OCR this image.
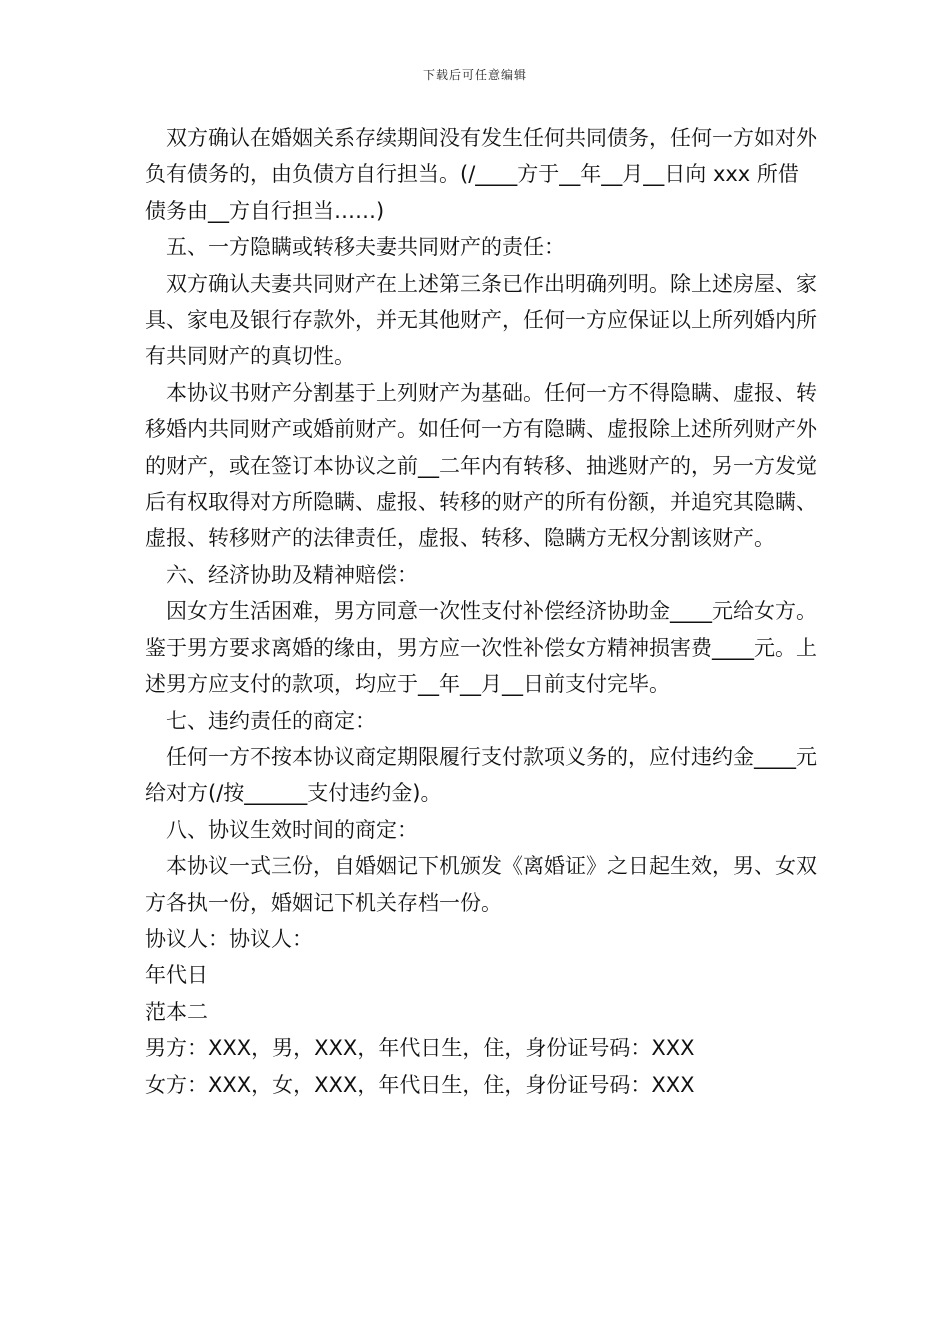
下载后可任意编辑

双方确认在婚姻关系存续期间没有发生任何共同债务，任何一方如对外负有债务的，由负债方自行担当。(/____方于__年__月__日向 xxx 所借债务由__方自行担当……)

五、一方隐瞒或转移夫妻共同财产的责任：

双方确认夫妻共同财产在上述第三条已作出明确列明。除上述房屋、家具、家电及银行存款外，并无其他财产，任何一方应保证以上所列婚内所有共同财产的真切性。

本协议书财产分割基于上列财产为基础。任何一方不得隐瞒、虚报、转移婚内共同财产或婚前财产。如任何一方有隐瞒、虚报除上述所列财产外的财产，或在签订本协议之前__二年内有转移、抽逃财产的，另一方发觉后有权取得对方所隐瞒、虚报、转移的财产的所有份额，并追究其隐瞒、虚报、转移财产的法律责任，虚报、转移、隐瞒方无权分割该财产。

六、经济协助及精神赔偿：

因女方生活困难，男方同意一次性支付补偿经济协助金____元给女方。鉴于男方要求离婚的缘由，男方应一次性补偿女方精神损害费____元。上述男方应支付的款项，均应于__年__月__日前支付完毕。

七、违约责任的商定：

任何一方不按本协议商定期限履行支付款项义务的，应付违约金____元给对方(/按______支付违约金)。

八、协议生效时间的商定：

本协议一式三份，自婚姻记下机颁发《离婚证》之日起生效，男、女双方各执一份，婚姻记下机关存档一份。

协议人：协议人：

年代日

范本二

男方：XXX，男，XXX，年代日生，住，身份证号码：XXX

女方：XXX，女，XXX，年代日生，住，身份证号码：XXX
